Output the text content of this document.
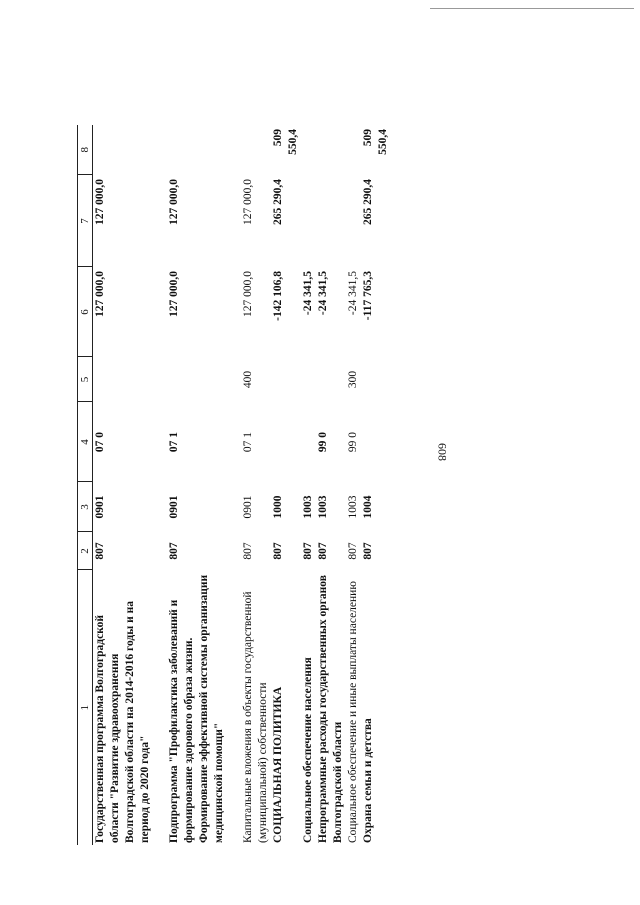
608
1	2	3	4	5	6	7	8
Государственная программа Волгоградской области "Развитие здравоохранения Волгоградской области на 2014-2016 годы и на период до 2020 года"	807	0901	07 0		127 000,0	127 000,0	
Подпрограмма "Профилактика заболеваний и формирование здорового образа жизни. Формирование эффективной системы организации медицинской помощи"	807	0901	07 1		127 000,0	127 000,0	
Капитальные вложения в объекты государственной (муниципальной) собственности	807	0901	07 1	400	127 000,0	127 000,0	
СОЦИАЛЬНАЯ ПОЛИТИКА	807	1000			-142 106,8	265 290,4	509 550,4
Социальное обеспечение населения	807	1003			-24 341,5		
Непрограммные расходы государственных органов Волгоградской области	807	1003	99 0		-24 341,5		
Социальное обеспечение и иные выплаты населению	807	1003	99 0	300	-24 341,5		
Охрана семьи и детства	807	1004			-117 765,3	265 290,4	509 550,4
